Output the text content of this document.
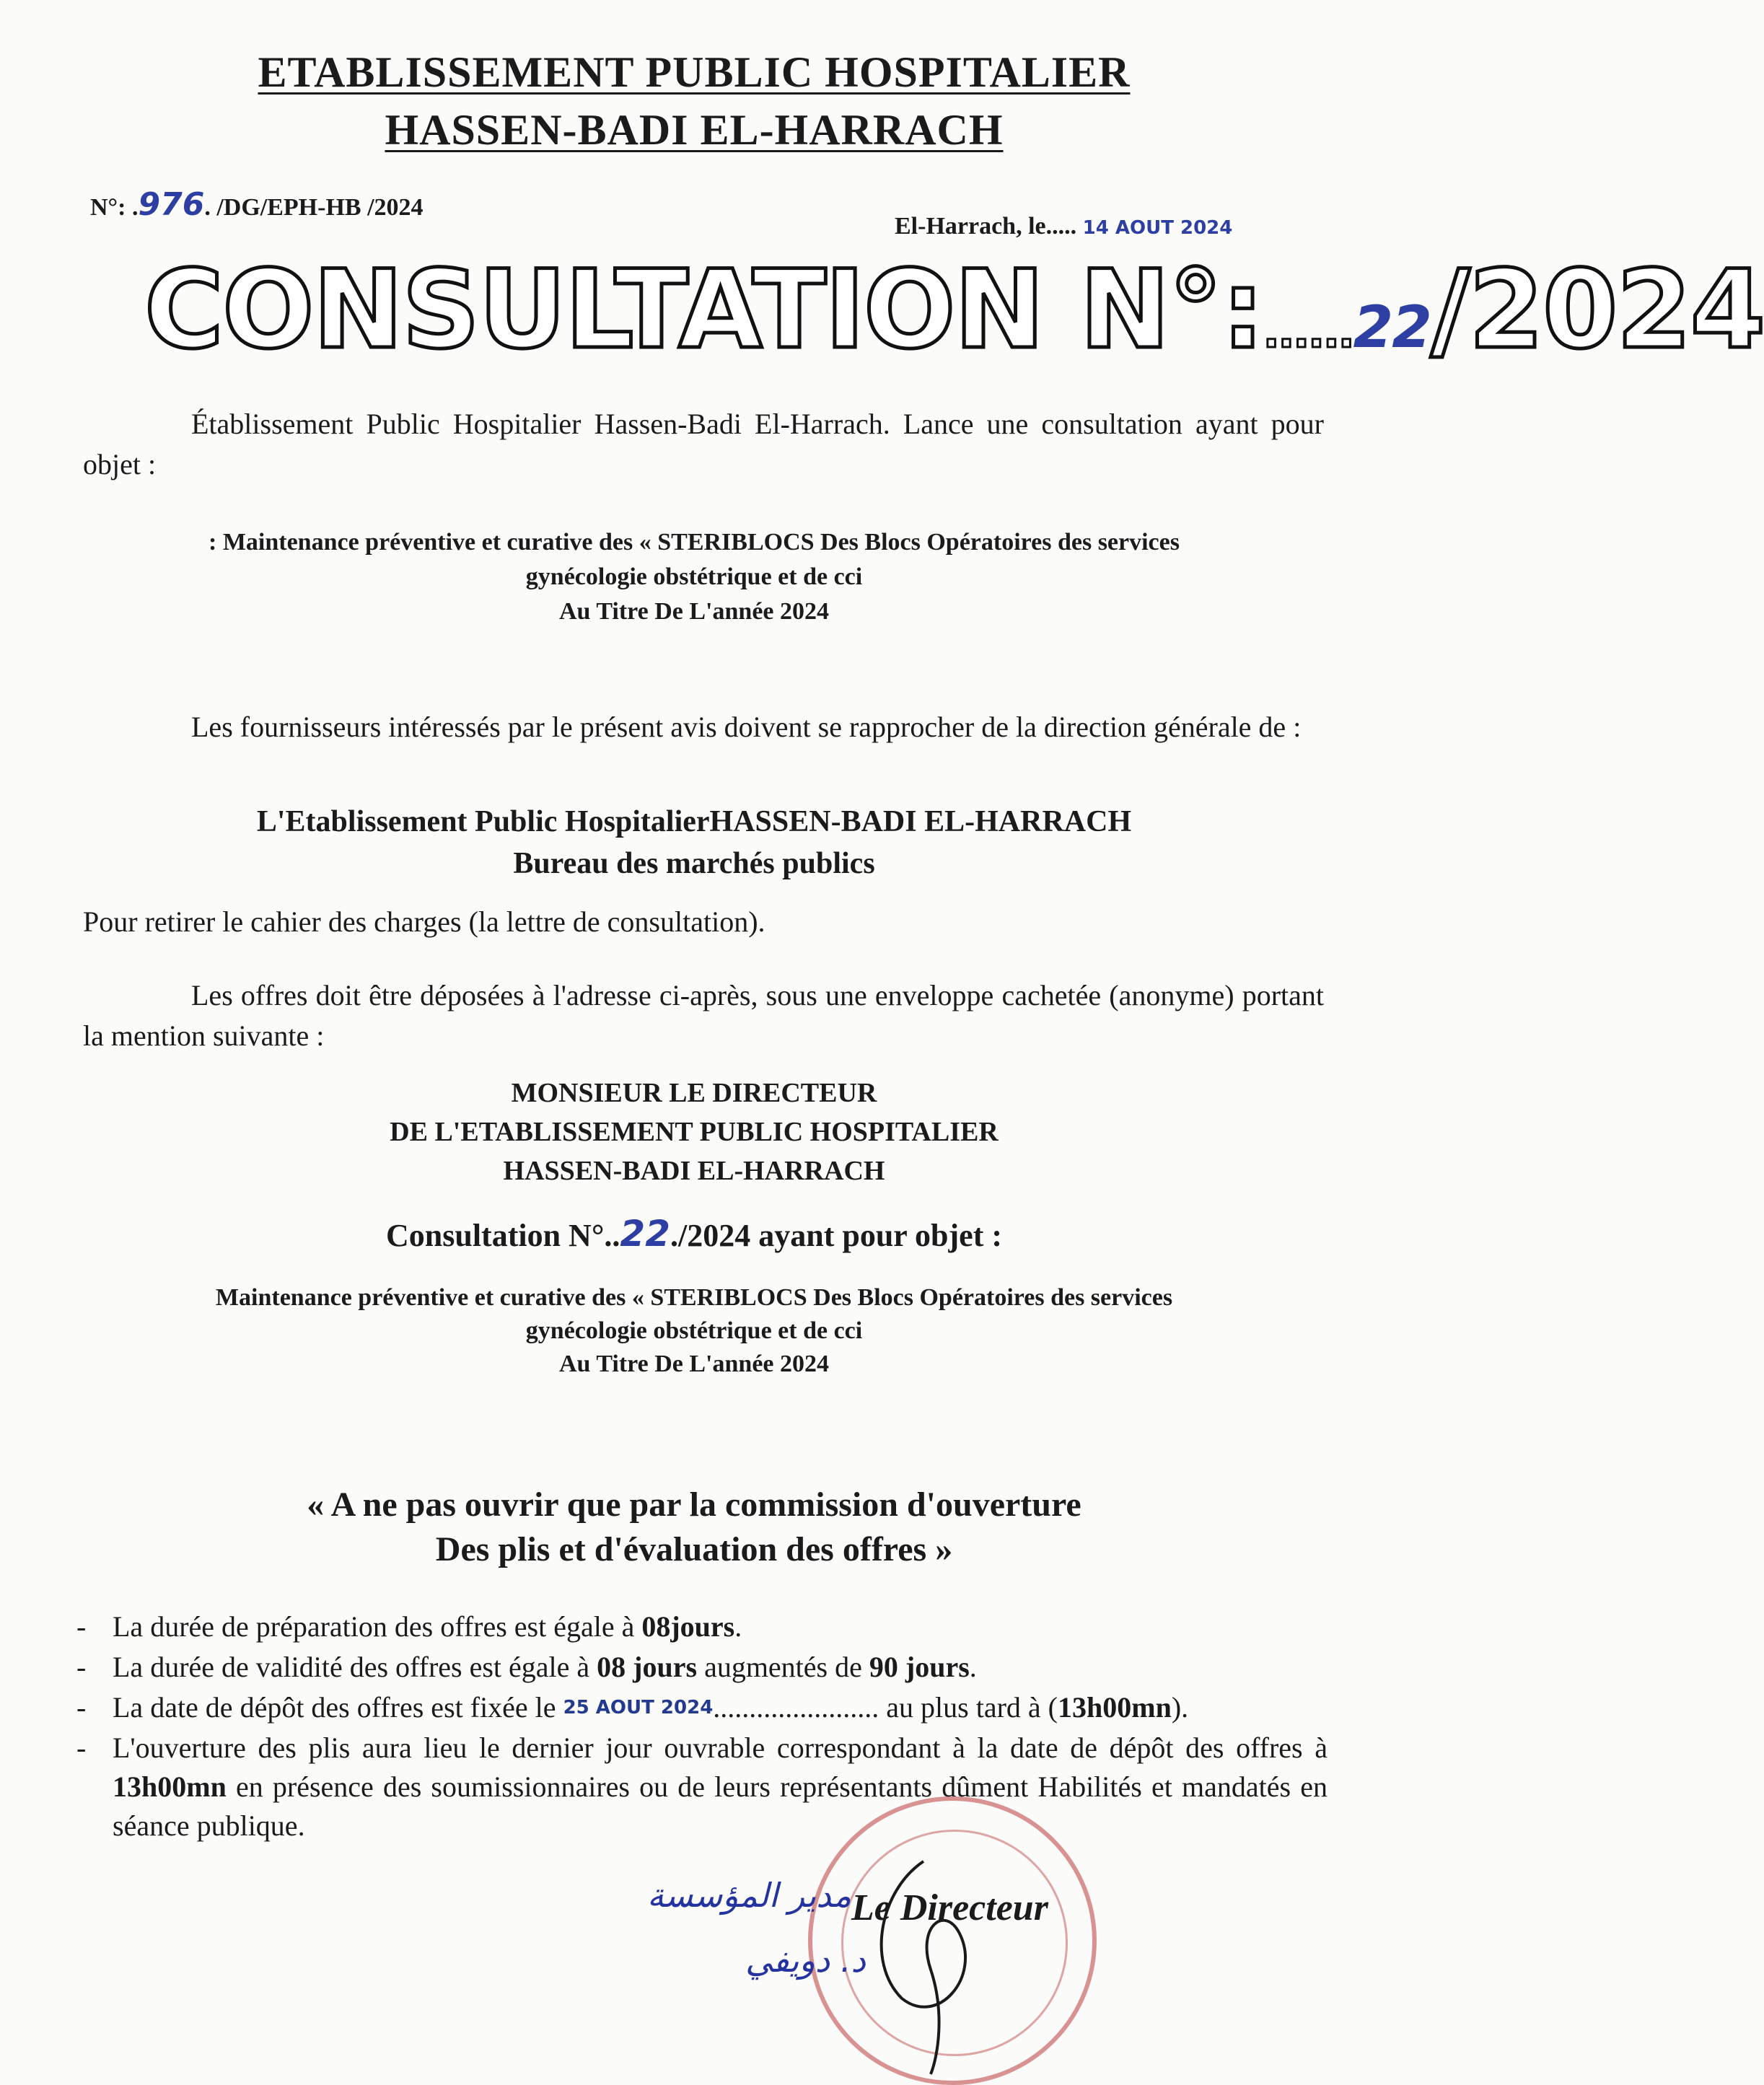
ETABLISSEMENT PUBLIC HOSPITALIER
HASSEN-BADI EL-HARRACH
N°: .976. /DG/EPH-HB /2024
El-Harrach, le..... 14 AOUT 2024
CONSULTATION N°:......22/2024
Établissement Public Hospitalier Hassen-Badi El-Harrach. Lance une consultation ayant pour objet :
: Maintenance préventive et curative des « STERIBLOCS Des Blocs Opératoires des services
gynécologie obstétrique et de cci
Au Titre De L'année 2024
Les fournisseurs intéressés par le présent avis doivent se rapprocher de la direction générale de :
L'Etablissement Public HospitalierHASSEN-BADI EL-HARRACH
Bureau des marchés publics
Pour retirer le cahier des charges (la lettre de consultation).
Les offres doit être déposées à l'adresse ci-après, sous une enveloppe cachetée (anonyme) portant la mention suivante :
MONSIEUR LE DIRECTEUR
DE L'ETABLISSEMENT PUBLIC HOSPITALIER
HASSEN-BADI EL-HARRACH
Consultation N°..22./2024 ayant pour objet :
Maintenance préventive et curative des « STERIBLOCS Des Blocs Opératoires des services
gynécologie obstétrique et de cci
Au Titre De L'année 2024
« A ne pas ouvrir que par la commission d'ouverture
Des plis et d'évaluation des offres »
- La durée de préparation des offres est égale à 08jours.
- La durée de validité des offres est égale à 08 jours augmentés de 90 jours.
- La date de dépôt des offres est fixée le $^{25 AOUT 2024}$....................... au plus tard à (13h00mn).
- L'ouverture des plis aura lieu le dernier jour ouvrable correspondant à la date de dépôt des offres à 13h00mn en présence des soumissionnaires ou de leurs représentants dûment Habilités et mandatés en séance publique.
مدير المؤسسة
د. دويفي
Le Directeur
